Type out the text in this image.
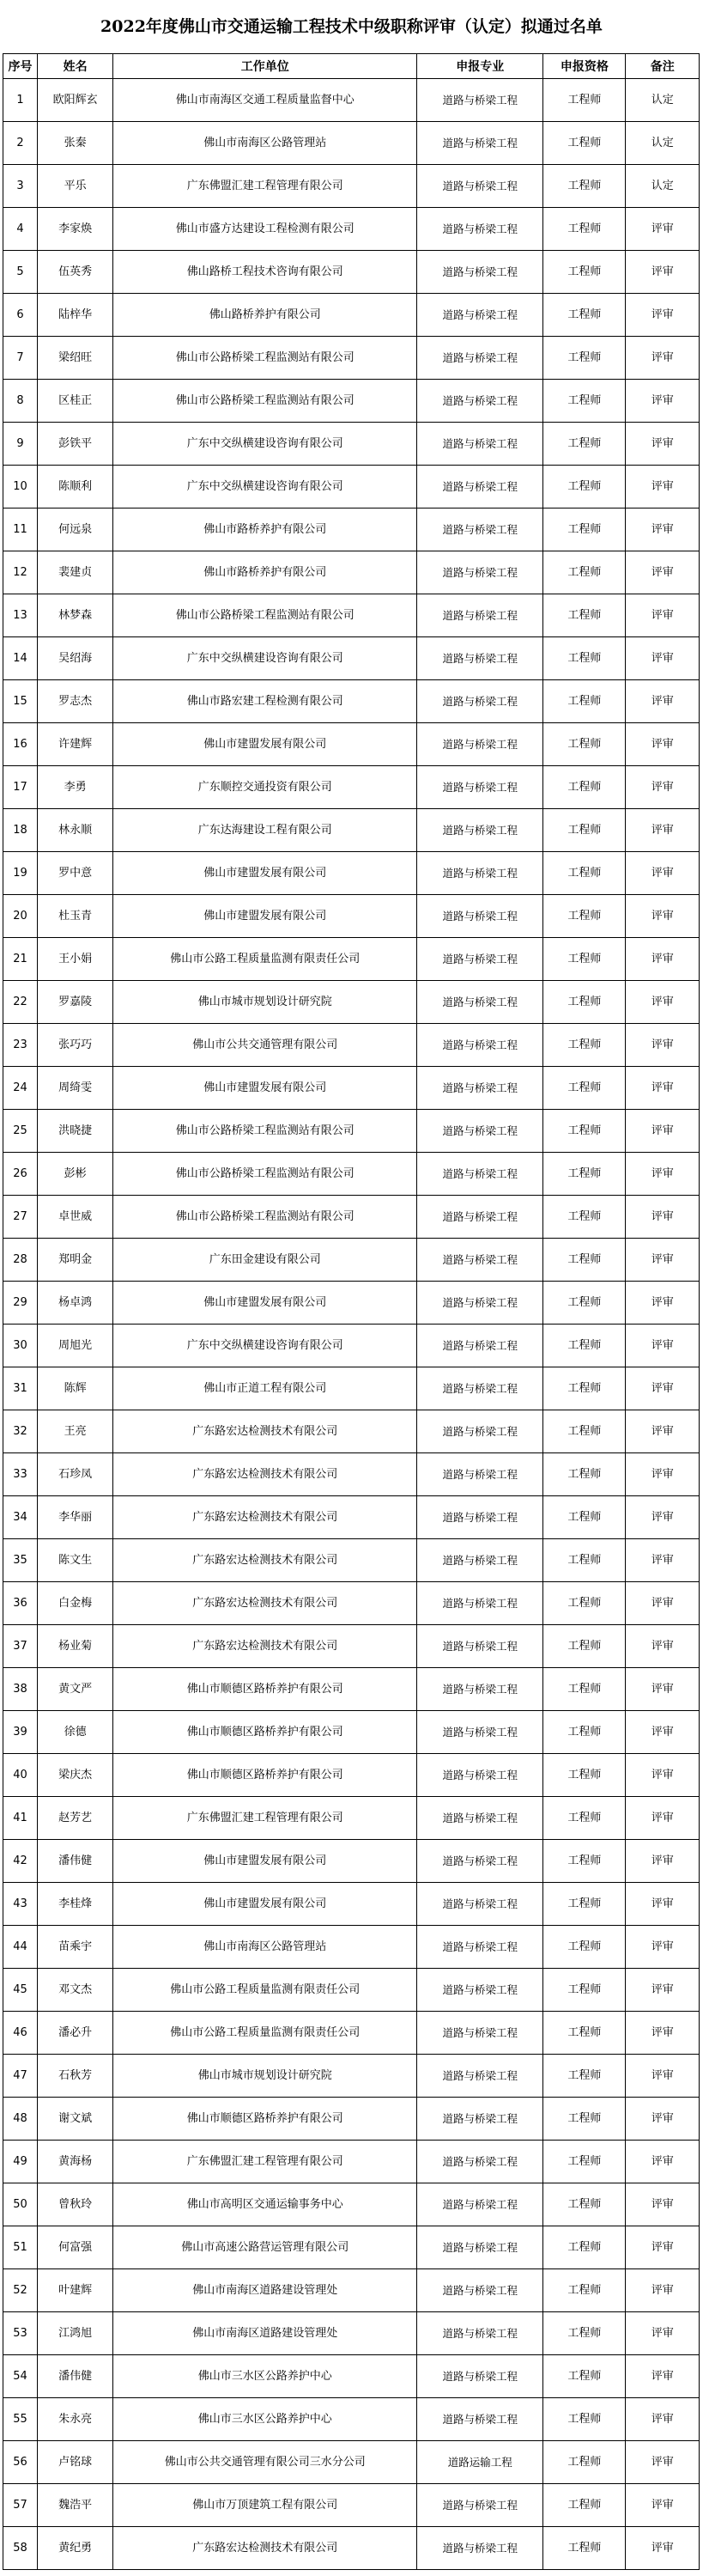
2022年度佛山市交通运输工程技术中级职称评审（认定）拟通过名单
序号	姓名	工作单位	申报专业	申报资格	备注
1	欧阳辉玄	佛山市南海区交通工程质量监督中心	道路与桥梁工程	工程师	认定
2	张秦	佛山市南海区公路管理站	道路与桥梁工程	工程师	认定
3	平乐	广东佛盟汇建工程管理有限公司	道路与桥梁工程	工程师	认定
4	李家焕	佛山市盛方达建设工程检测有限公司	道路与桥梁工程	工程师	评审
5	伍英秀	佛山路桥工程技术咨询有限公司	道路与桥梁工程	工程师	评审
6	陆梓华	佛山路桥养护有限公司	道路与桥梁工程	工程师	评审
7	梁绍旺	佛山市公路桥梁工程监测站有限公司	道路与桥梁工程	工程师	评审
8	区桂正	佛山市公路桥梁工程监测站有限公司	道路与桥梁工程	工程师	评审
9	彭铁平	广东中交纵横建设咨询有限公司	道路与桥梁工程	工程师	评审
10	陈顺利	广东中交纵横建设咨询有限公司	道路与桥梁工程	工程师	评审
11	何远泉	佛山市路桥养护有限公司	道路与桥梁工程	工程师	评审
12	裴建贞	佛山市路桥养护有限公司	道路与桥梁工程	工程师	评审
13	林梦森	佛山市公路桥梁工程监测站有限公司	道路与桥梁工程	工程师	评审
14	吴绍海	广东中交纵横建设咨询有限公司	道路与桥梁工程	工程师	评审
15	罗志杰	佛山市路宏建工程检测有限公司	道路与桥梁工程	工程师	评审
16	许建辉	佛山市建盟发展有限公司	道路与桥梁工程	工程师	评审
17	李勇	广东顺控交通投资有限公司	道路与桥梁工程	工程师	评审
18	林永顺	广东达海建设工程有限公司	道路与桥梁工程	工程师	评审
19	罗中意	佛山市建盟发展有限公司	道路与桥梁工程	工程师	评审
20	杜玉青	佛山市建盟发展有限公司	道路与桥梁工程	工程师	评审
21	王小娟	佛山市公路工程质量监测有限责任公司	道路与桥梁工程	工程师	评审
22	罗嘉陵	佛山市城市规划设计研究院	道路与桥梁工程	工程师	评审
23	张巧巧	佛山市公共交通管理有限公司	道路与桥梁工程	工程师	评审
24	周绮雯	佛山市建盟发展有限公司	道路与桥梁工程	工程师	评审
25	洪晓捷	佛山市公路桥梁工程监测站有限公司	道路与桥梁工程	工程师	评审
26	彭彬	佛山市公路桥梁工程监测站有限公司	道路与桥梁工程	工程师	评审
27	卓世威	佛山市公路桥梁工程监测站有限公司	道路与桥梁工程	工程师	评审
28	郑明金	广东田金建设有限公司	道路与桥梁工程	工程师	评审
29	杨卓鸿	佛山市建盟发展有限公司	道路与桥梁工程	工程师	评审
30	周旭光	广东中交纵横建设咨询有限公司	道路与桥梁工程	工程师	评审
31	陈辉	佛山市正道工程有限公司	道路与桥梁工程	工程师	评审
32	王亮	广东路宏达检测技术有限公司	道路与桥梁工程	工程师	评审
33	石珍凤	广东路宏达检测技术有限公司	道路与桥梁工程	工程师	评审
34	李华丽	广东路宏达检测技术有限公司	道路与桥梁工程	工程师	评审
35	陈文生	广东路宏达检测技术有限公司	道路与桥梁工程	工程师	评审
36	白金梅	广东路宏达检测技术有限公司	道路与桥梁工程	工程师	评审
37	杨业菊	广东路宏达检测技术有限公司	道路与桥梁工程	工程师	评审
38	黄文严	佛山市顺德区路桥养护有限公司	道路与桥梁工程	工程师	评审
39	徐德	佛山市顺德区路桥养护有限公司	道路与桥梁工程	工程师	评审
40	梁庆杰	佛山市顺德区路桥养护有限公司	道路与桥梁工程	工程师	评审
41	赵芳艺	广东佛盟汇建工程管理有限公司	道路与桥梁工程	工程师	评审
42	潘伟健	佛山市建盟发展有限公司	道路与桥梁工程	工程师	评审
43	李桂烽	佛山市建盟发展有限公司	道路与桥梁工程	工程师	评审
44	苗乘宇	佛山市南海区公路管理站	道路与桥梁工程	工程师	评审
45	邓文杰	佛山市公路工程质量监测有限责任公司	道路与桥梁工程	工程师	评审
46	潘必升	佛山市公路工程质量监测有限责任公司	道路与桥梁工程	工程师	评审
47	石秋芳	佛山市城市规划设计研究院	道路与桥梁工程	工程师	评审
48	谢文斌	佛山市顺德区路桥养护有限公司	道路与桥梁工程	工程师	评审
49	黄海杨	广东佛盟汇建工程管理有限公司	道路与桥梁工程	工程师	评审
50	曾秋玲	佛山市高明区交通运输事务中心	道路与桥梁工程	工程师	评审
51	何富强	佛山市高速公路营运管理有限公司	道路与桥梁工程	工程师	评审
52	叶建辉	佛山市南海区道路建设管理处	道路与桥梁工程	工程师	评审
53	江鸿旭	佛山市南海区道路建设管理处	道路与桥梁工程	工程师	评审
54	潘伟健	佛山市三水区公路养护中心	道路与桥梁工程	工程师	评审
55	朱永亮	佛山市三水区公路养护中心	道路与桥梁工程	工程师	评审
56	卢铭球	佛山市公共交通管理有限公司三水分公司	道路运输工程	工程师	评审
57	魏浩平	佛山市万顶建筑工程有限公司	道路与桥梁工程	工程师	评审
58	黄纪勇	广东路宏达检测技术有限公司	道路与桥梁工程	工程师	评审
